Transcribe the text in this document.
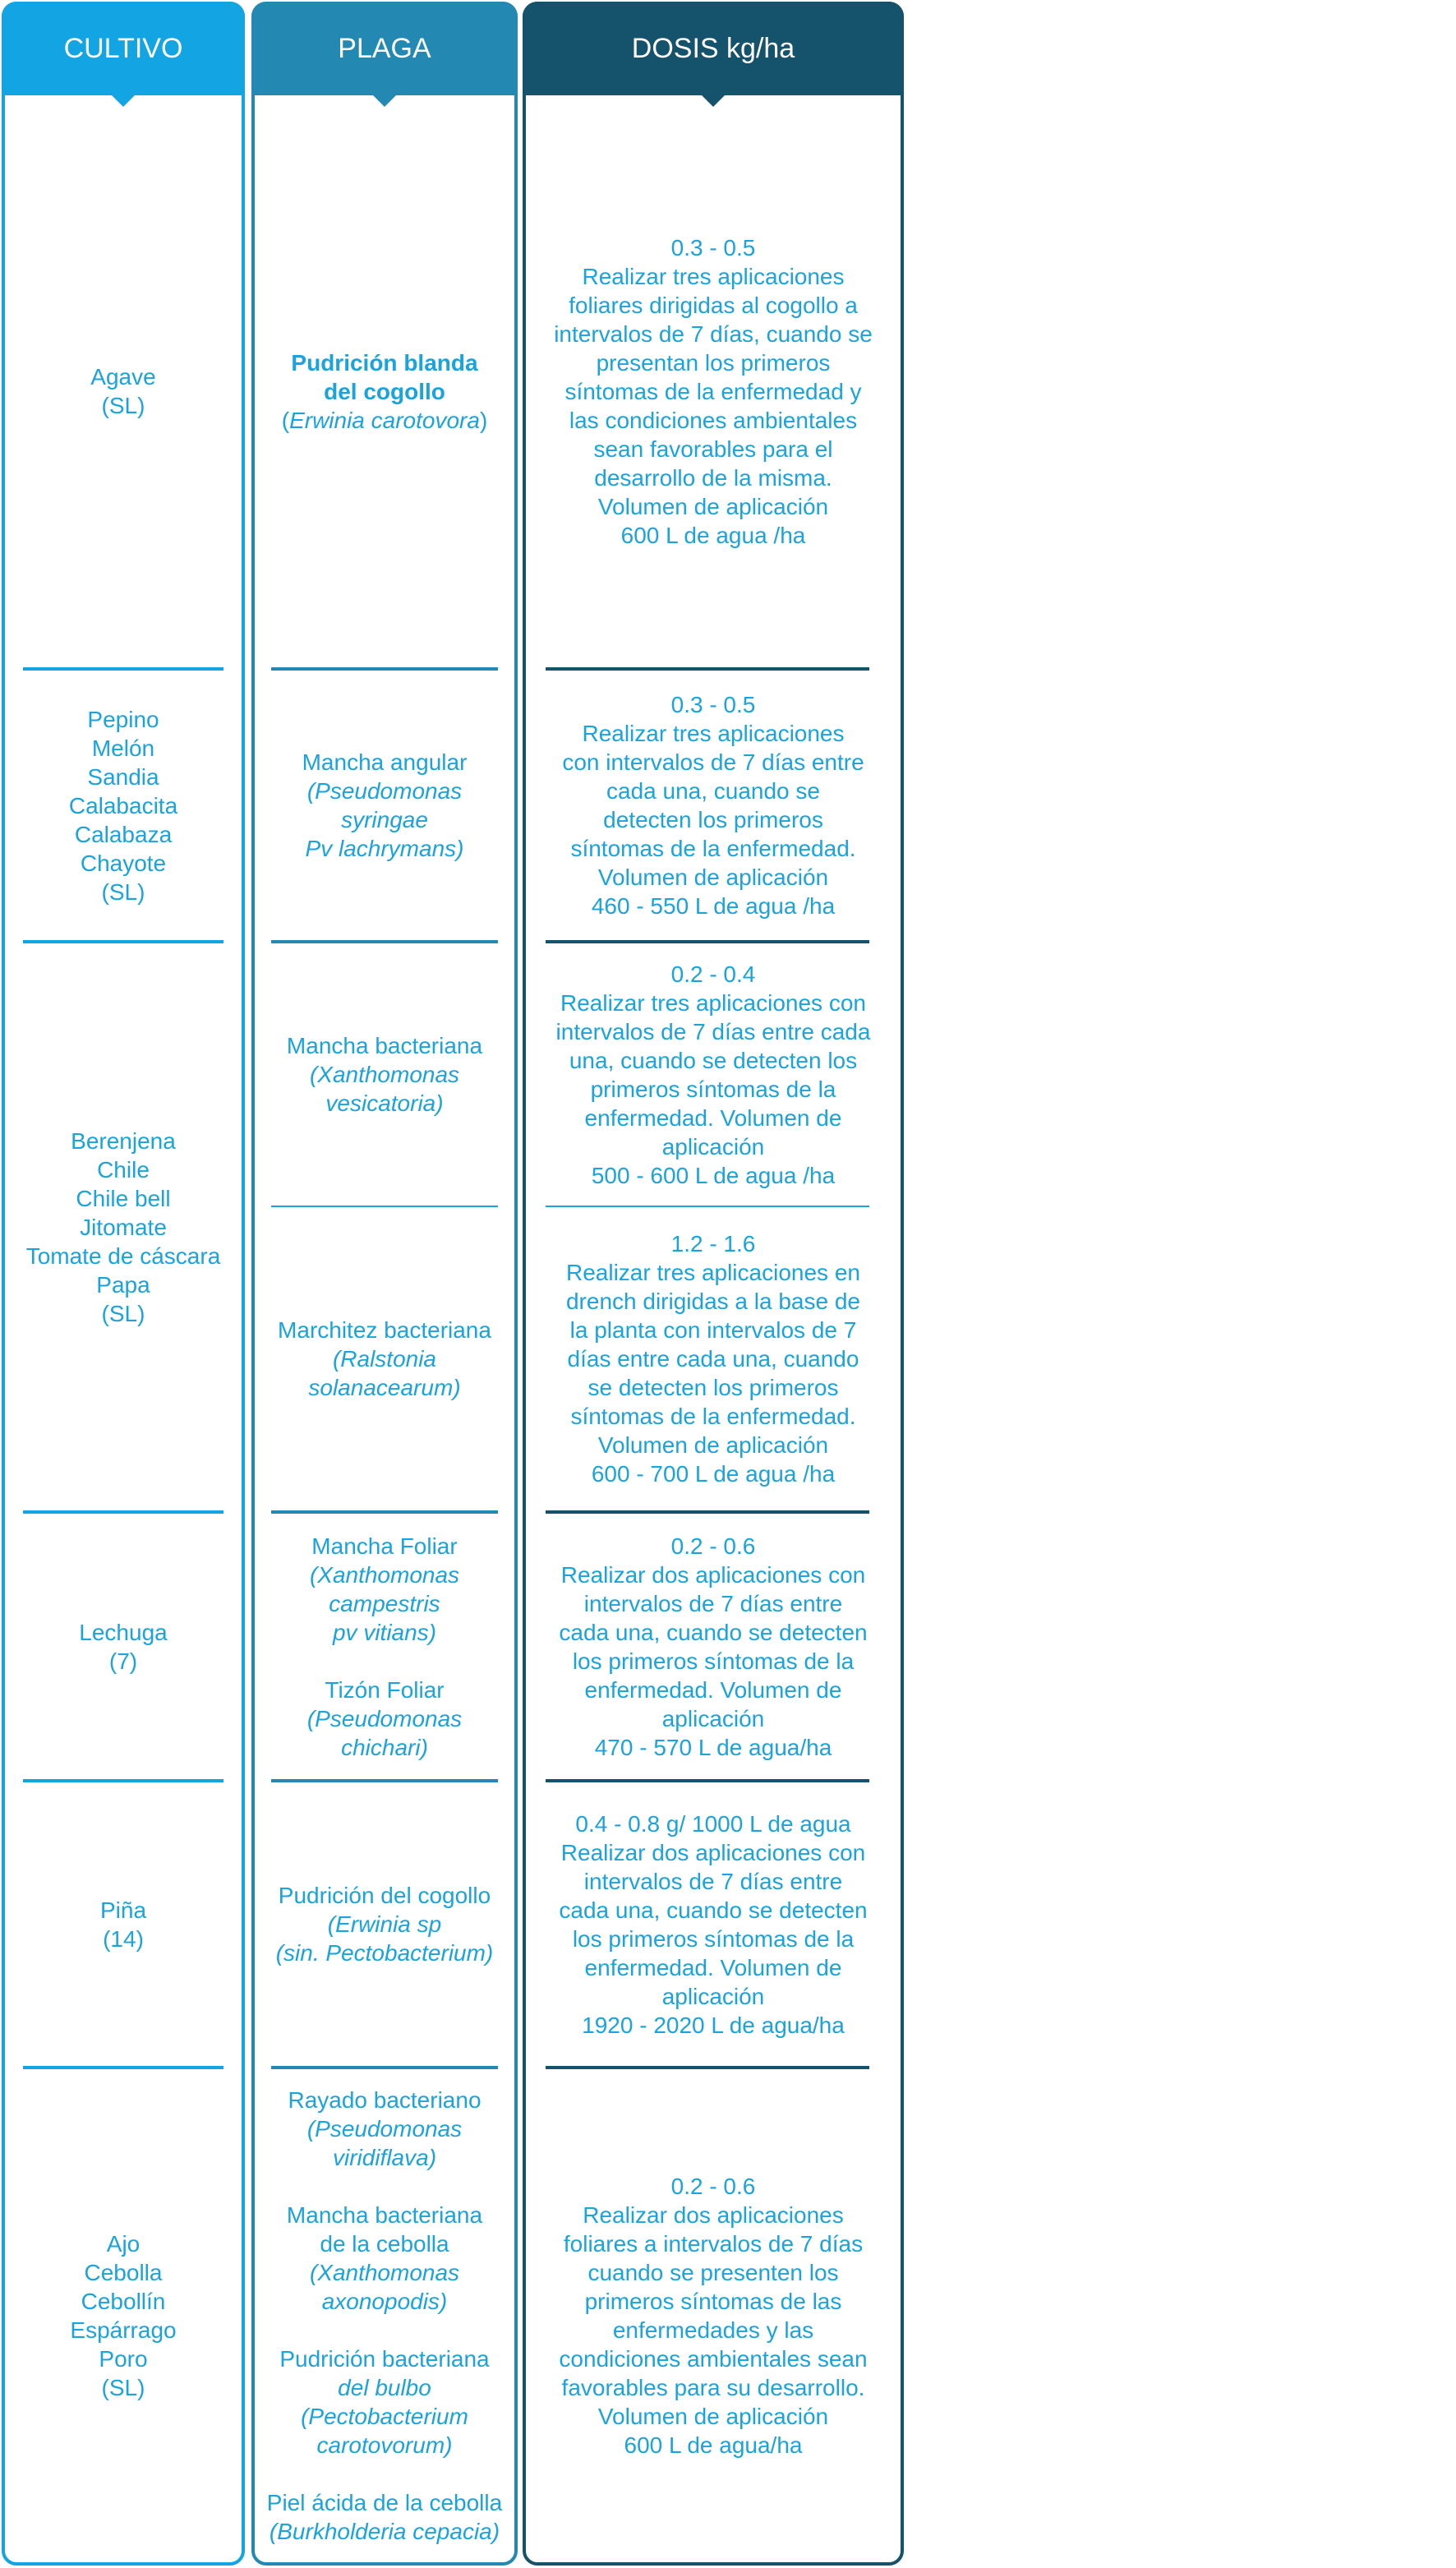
CULTIVO	PLAGA	DOSIS kg/ha
Agave
(SL)
Pudrición blanda
del cogollo
(Erwinia carotovora)
0.3 - 0.5
Realizar tres aplicaciones
foliares dirigidas al cogollo a
intervalos de 7 días, cuando se
presentan los primeros
síntomas de la enfermedad y
las condiciones ambientales
sean favorables para el
desarrollo de la misma.
Volumen de aplicación
600 L de agua /ha
Pepino
Melón
Sandia
Calabacita
Calabaza
Chayote
(SL)
Mancha angular
(Pseudomonas
syringae
Pv lachrymans)
0.3 - 0.5
Realizar tres aplicaciones
con intervalos de 7 días entre
cada una, cuando se
detecten los primeros
síntomas de la enfermedad.
Volumen de aplicación
460 - 550 L de agua /ha
Berenjena
Chile
Chile bell
Jitomate
Tomate de cáscara
Papa
(SL)
Mancha bacteriana
(Xanthomonas
vesicatoria)
Marchitez bacteriana
(Ralstonia
solanacearum)
0.2 - 0.4
Realizar tres aplicaciones con
intervalos de 7 días entre cada
una, cuando se detecten los
primeros síntomas de la
enfermedad. Volumen de
aplicación
500 - 600 L de agua /ha
1.2 - 1.6
Realizar tres aplicaciones en
drench dirigidas a la base de
la planta con intervalos de 7
días entre cada una, cuando
se detecten los primeros
síntomas de la enfermedad.
Volumen de aplicación
600 - 700 L de agua /ha
Lechuga
(7)
Mancha Foliar
(Xanthomonas
campestris
pv vitians)
Tizón Foliar
(Pseudomonas
chichari)
0.2 - 0.6
Realizar dos aplicaciones con
intervalos de 7 días entre
cada una, cuando se detecten
los primeros síntomas de la
enfermedad. Volumen de
aplicación
470 - 570 L de agua/ha
Piña
(14)
Pudrición del cogollo
(Erwinia sp
(sin. Pectobacterium)
0.4 - 0.8 g/ 1000 L de agua
Realizar dos aplicaciones con
intervalos de 7 días entre
cada una, cuando se detecten
los primeros síntomas de la
enfermedad. Volumen de
aplicación
1920 - 2020 L de agua/ha
Ajo
Cebolla
Cebollín
Espárrago
Poro
(SL)
Rayado bacteriano
(Pseudomonas
viridiflava)
Mancha bacteriana
de la cebolla
(Xanthomonas
axonopodis)
Pudrición bacteriana
del bulbo
(Pectobacterium
carotovorum)
Piel ácida de la cebolla
(Burkholderia cepacia)
0.2 - 0.6
Realizar dos aplicaciones
foliares a intervalos de 7 días
cuando se presenten los
primeros síntomas de las
enfermedades y las
condiciones ambientales sean
favorables para su desarrollo.
Volumen de aplicación
600 L de agua/ha
